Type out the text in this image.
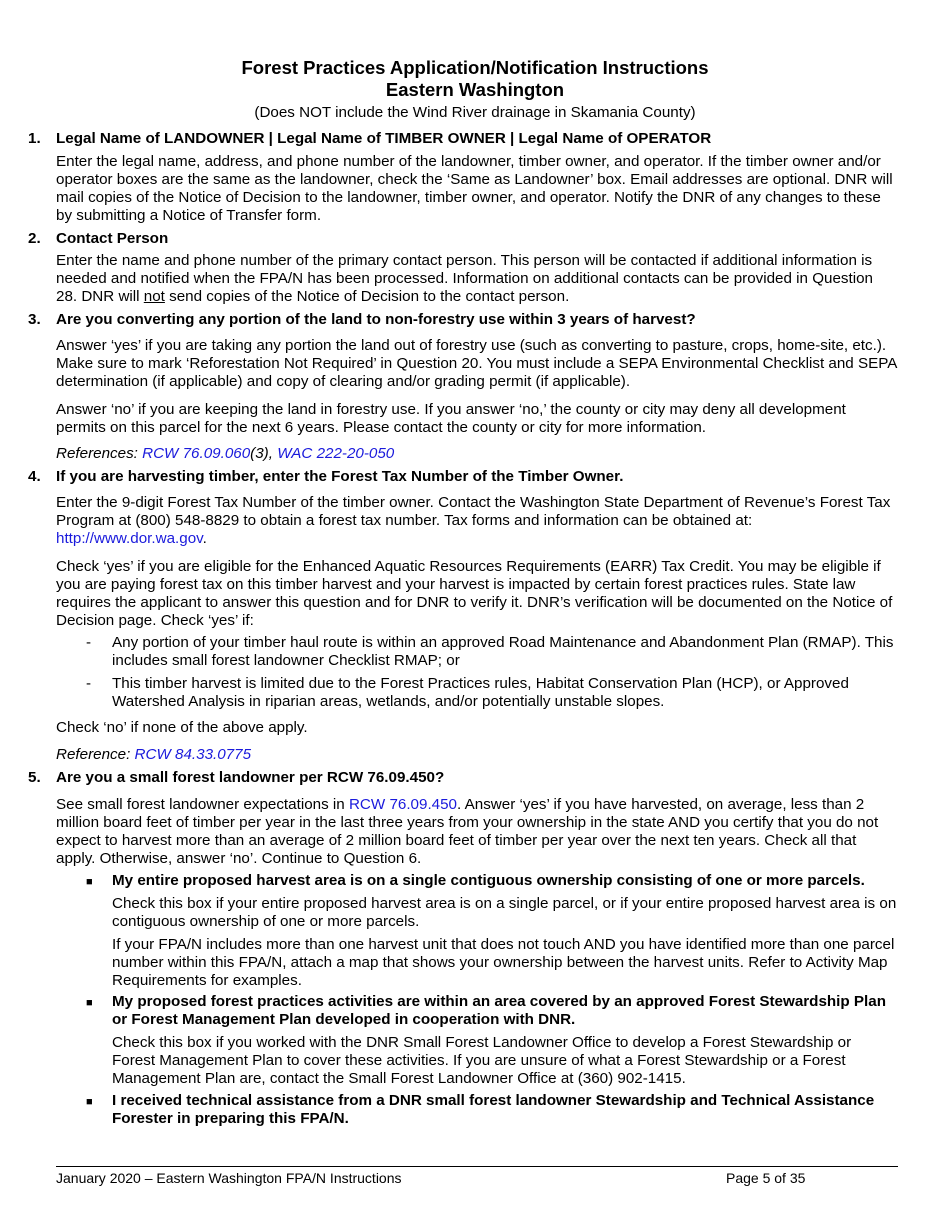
Forest Practices Application/Notification Instructions
Eastern Washington
(Does NOT include the Wind River drainage in Skamania County)
1. Legal Name of LANDOWNER | Legal Name of TIMBER OWNER | Legal Name of OPERATOR
Enter the legal name, address, and phone number of the landowner, timber owner, and operator. If the timber owner and/or operator boxes are the same as the landowner, check the ‘Same as Landowner’ box. Email addresses are optional. DNR will mail copies of the Notice of Decision to the landowner, timber owner, and operator. Notify the DNR of any changes to these by submitting a Notice of Transfer form.
2. Contact Person
Enter the name and phone number of the primary contact person. This person will be contacted if additional information is needed and notified when the FPA/N has been processed. Information on additional contacts can be provided in Question 28. DNR will not send copies of the Notice of Decision to the contact person.
3. Are you converting any portion of the land to non-forestry use within 3 years of harvest?
Answer ‘yes’ if you are taking any portion the land out of forestry use (such as converting to pasture, crops, home-site, etc.). Make sure to mark ‘Reforestation Not Required’ in Question 20. You must include a SEPA Environmental Checklist and SEPA determination (if applicable) and copy of clearing and/or grading permit (if applicable).
Answer ‘no’ if you are keeping the land in forestry use. If you answer ‘no,’ the county or city may deny all development permits on this parcel for the next 6 years. Please contact the county or city for more information.
References: RCW 76.09.060(3), WAC 222-20-050
4. If you are harvesting timber, enter the Forest Tax Number of the Timber Owner.
Enter the 9-digit Forest Tax Number of the timber owner. Contact the Washington State Department of Revenue’s Forest Tax Program at (800) 548-8829 to obtain a forest tax number. Tax forms and information can be obtained at:
http://www.dor.wa.gov.
Check ‘yes’ if you are eligible for the Enhanced Aquatic Resources Requirements (EARR) Tax Credit. You may be eligible if you are paying forest tax on this timber harvest and your harvest is impacted by certain forest practices rules. State law requires the applicant to answer this question and for DNR to verify it. DNR’s verification will be documented on the Notice of Decision page. Check ‘yes’ if:
- Any portion of your timber haul route is within an approved Road Maintenance and Abandonment Plan (RMAP). This includes small forest landowner Checklist RMAP; or
- This timber harvest is limited due to the Forest Practices rules, Habitat Conservation Plan (HCP), or Approved Watershed Analysis in riparian areas, wetlands, and/or potentially unstable slopes.
Check ‘no’ if none of the above apply.
Reference: RCW 84.33.0775
5. Are you a small forest landowner per RCW 76.09.450?
See small forest landowner expectations in RCW 76.09.450. Answer ‘yes’ if you have harvested, on average, less than 2 million board feet of timber per year in the last three years from your ownership in the state AND you certify that you do not expect to harvest more than an average of 2 million board feet of timber per year over the next ten years. Check all that apply. Otherwise, answer ‘no’. Continue to Question 6.
■ My entire proposed harvest area is on a single contiguous ownership consisting of one or more parcels.
Check this box if your entire proposed harvest area is on a single parcel, or if your entire proposed harvest area is on contiguous ownership of one or more parcels.
If your FPA/N includes more than one harvest unit that does not touch AND you have identified more than one parcel number within this FPA/N, attach a map that shows your ownership between the harvest units. Refer to Activity Map Requirements for examples.
■ My proposed forest practices activities are within an area covered by an approved Forest Stewardship Plan or Forest Management Plan developed in cooperation with DNR.
Check this box if you worked with the DNR Small Forest Landowner Office to develop a Forest Stewardship or Forest Management Plan to cover these activities. If you are unsure of what a Forest Stewardship or a Forest Management Plan are, contact the Small Forest Landowner Office at (360) 902-1415.
■ I received technical assistance from a DNR small forest landowner Stewardship and Technical Assistance Forester in preparing this FPA/N.
January 2020 – Eastern Washington FPA/N Instructions	Page 5 of 35
